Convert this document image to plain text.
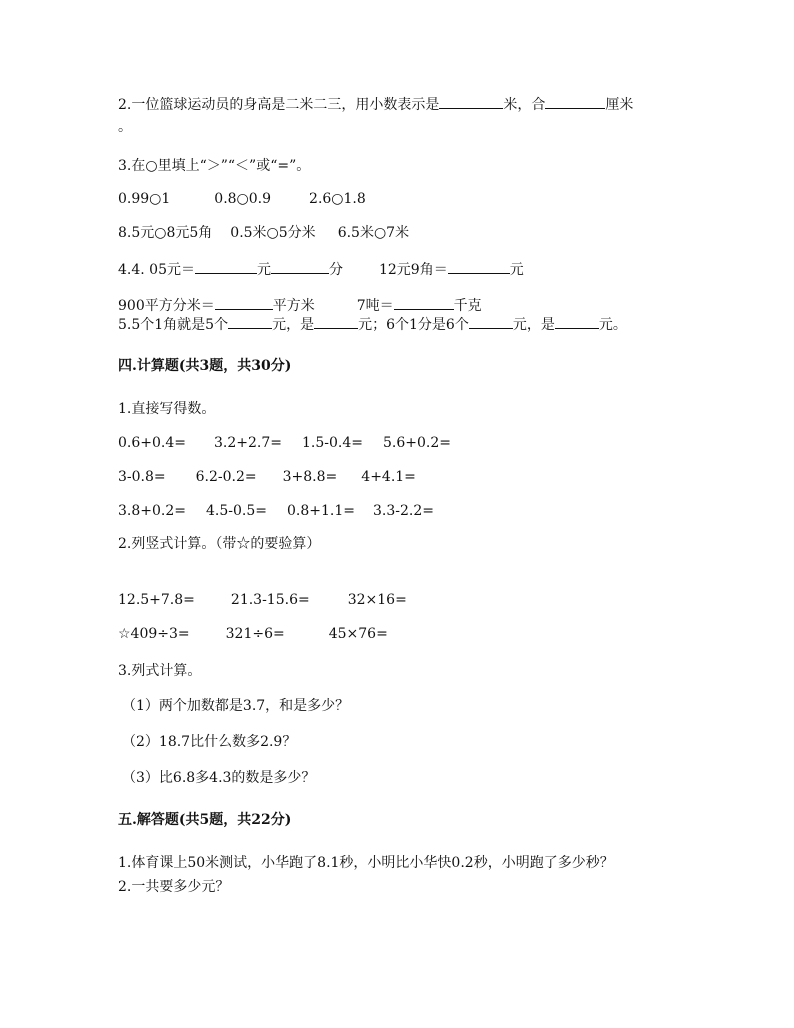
2.一位篮球运动员的身高是二米二三，用小数表示是	米，合	厘米
。
3.在○里填上“＞”“＜”或“=”。
0.99○1	0.8○0.9	2.6○1.8
8.5元○8元5角 0.5米○5分米 6.5米○7米
4.4. 05元＝	元	分	12元9角＝	元
900平方分米＝	平方米	7吨＝	千克
5.5个1角就是5个	元，是	元；6个1分是6个	元，是	元。
四.计算题(共3题，共30分)
1.直接写得数。
0.6+0.4= 3.2+2.7= 1.5-0.4= 5.6+0.2=
3-0.8= 6.2-0.2= 3+8.8= 4+4.1=
3.8+0.2= 4.5-0.5= 0.8+1.1= 3.3-2.2=
2.列竖式计算。（带☆的要验算）
12.5+7.8=	21.3-15.6=	32×16=
☆409÷3=	321÷6=	45×76=
3.列式计算。
（1）两个加数都是3.7，和是多少？
（2）18.7比什么数多2.9？
（3）比6.8多4.3的数是多少？
五.解答题(共5题，共22分)
1.体育课上50米测试，小华跑了8.1秒，小明比小华快0.2秒，小明跑了多少秒？
2.一共要多少元？
